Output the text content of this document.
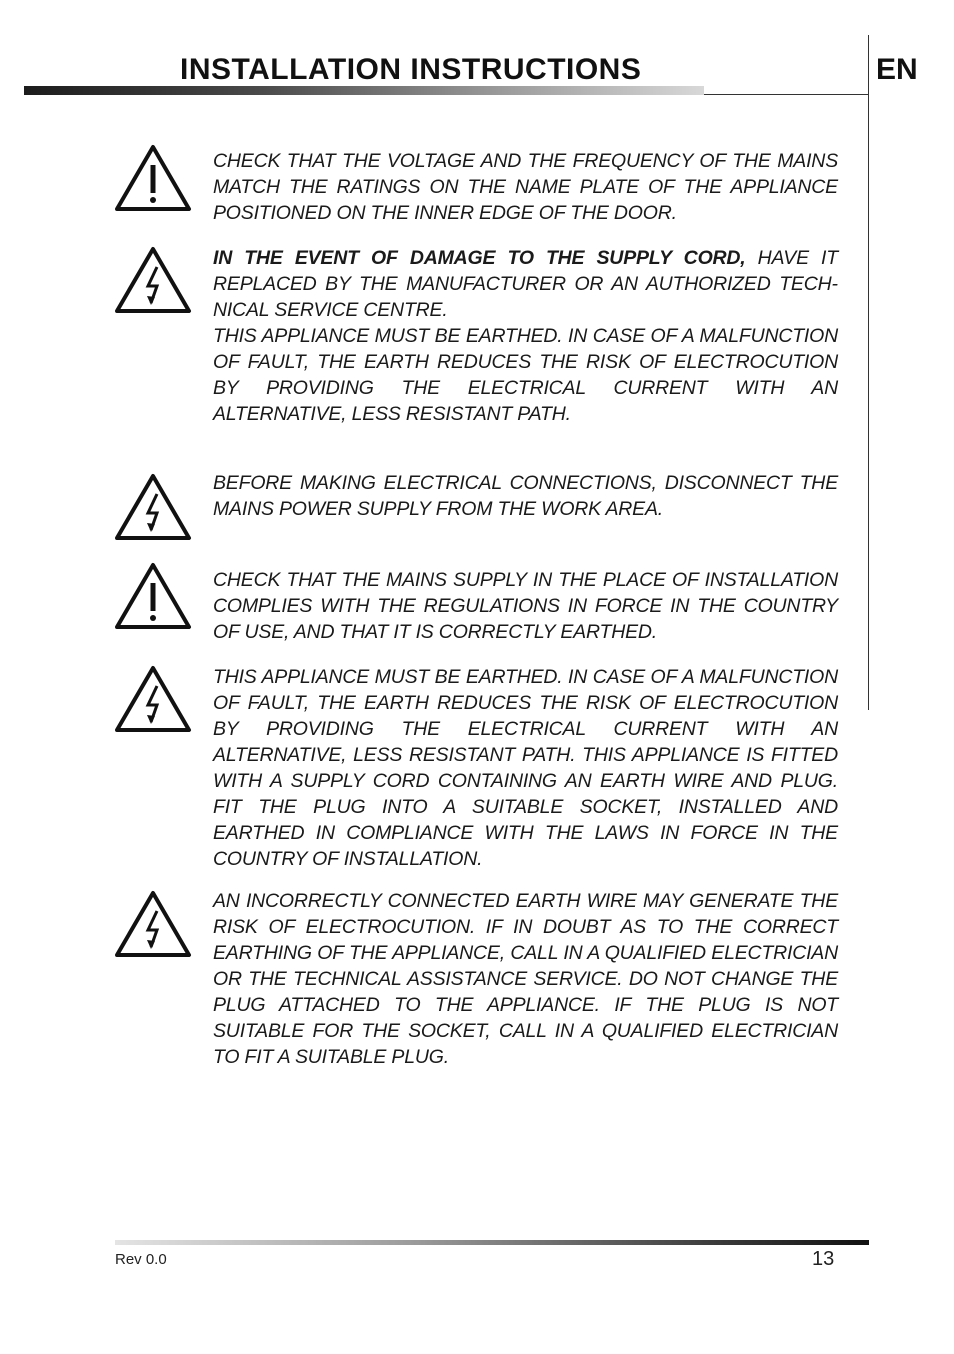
INSTALLATION INSTRUCTIONS	EN
CHECK THAT THE VOLTAGE AND THE FREQUENCY OF THE MAINS MATCH THE RATINGS ON THE NAME PLATE OF THE APPLIANCE POSITIONED ON THE INNER EDGE OF THE DOOR.
IN THE EVENT OF DAMAGE TO THE SUPPLY CORD, HAVE IT REPLACED BY THE MANUFACTURER OR AN AUTHORIZED TECHNICAL SERVICE CENTRE.
THIS APPLIANCE MUST BE EARTHED. IN CASE OF A MALFUNCTION OF FAULT, THE EARTH REDUCES THE RISK OF ELECTROCUTION BY PROVIDING THE ELECTRICAL CURRENT WITH AN ALTERNATIVE, LESS RESISTANT PATH.
BEFORE MAKING ELECTRICAL CONNECTIONS, DISCONNECT THE MAINS POWER SUPPLY FROM THE WORK AREA.
CHECK THAT THE MAINS SUPPLY IN THE PLACE OF INSTALLATION COMPLIES WITH THE REGULATIONS IN FORCE IN THE COUNTRY OF USE, AND THAT IT IS CORRECTLY EARTHED.
THIS APPLIANCE MUST BE EARTHED. IN CASE OF A MALFUNCTION OF FAULT, THE EARTH REDUCES THE RISK OF ELECTROCUTION BY PROVIDING THE ELECTRICAL CURRENT WITH AN ALTERNATIVE, LESS RESISTANT PATH. THIS APPLIANCE IS FITTED WITH A SUPPLY CORD CONTAINING AN EARTH WIRE AND PLUG. FIT THE PLUG INTO A SUITABLE SOCKET, INSTALLED AND EARTHED IN COMPLIANCE WITH THE LAWS IN FORCE IN THE COUNTRY OF INSTALLATION.
AN INCORRECTLY CONNECTED EARTH WIRE MAY GENERATE THE RISK OF ELECTROCUTION. IF IN DOUBT AS TO THE CORRECT EARTHING OF THE APPLIANCE, CALL IN A QUALIFIED ELECTRICIAN OR THE TECHNICAL ASSISTANCE SERVICE. DO NOT CHANGE THE PLUG ATTACHED TO THE APPLIANCE. IF THE PLUG IS NOT SUITABLE FOR THE SOCKET, CALL IN A QUALIFIED ELECTRICIAN TO FIT A SUITABLE PLUG.
Rev 0.0	13
